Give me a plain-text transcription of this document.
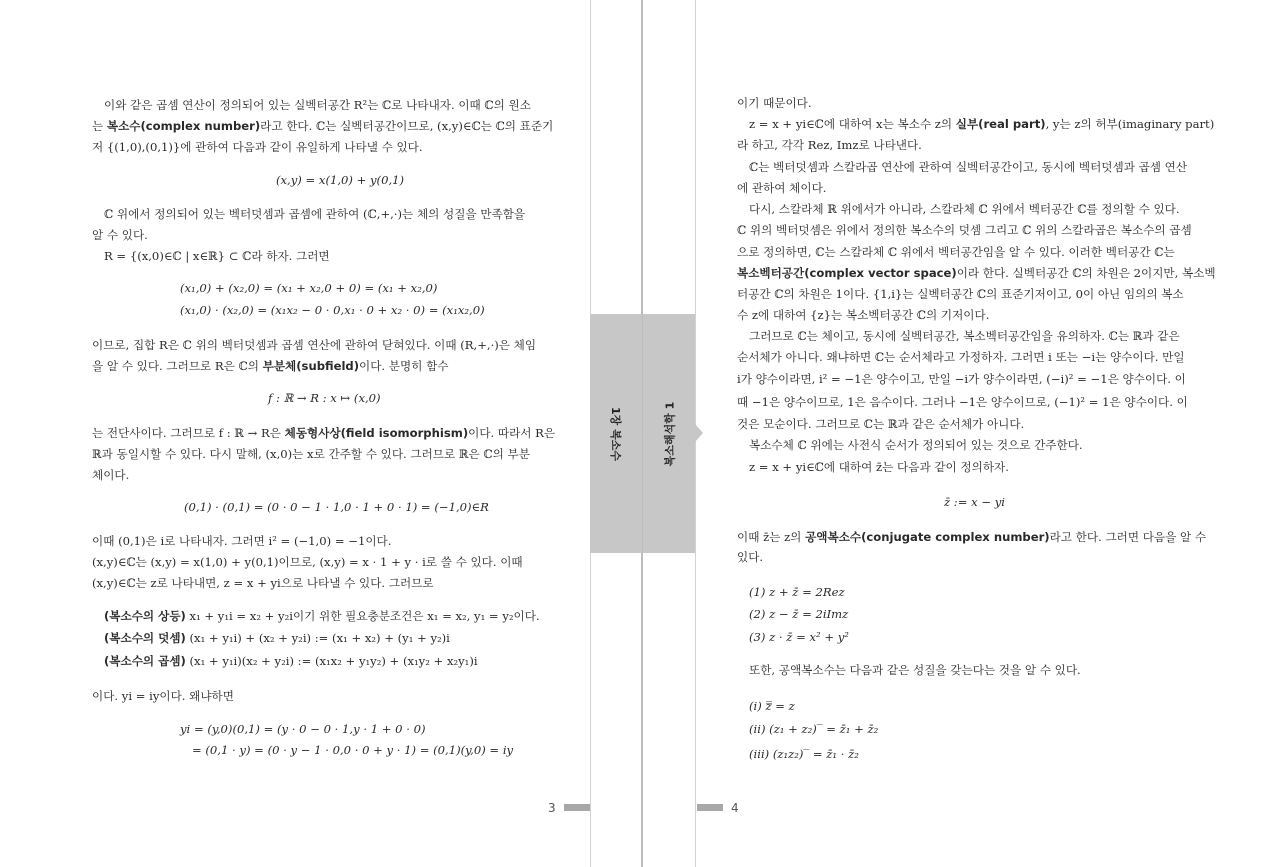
1장 복소수	복소해석학 1
3	4
이와 같은 곱셈 연산이 정의되어 있는 실벡터공간 R²는 ℂ로 나타내자. 이때 ℂ의 원소
는 복소수(complex number)라고 한다. ℂ는 실벡터공간이므로, (x,y)∈ℂ는 ℂ의 표준기
저 {(1,0),(0,1)}에 관하여 다음과 같이 유일하게 나타낼 수 있다.
(x,y) = x(1,0) + y(0,1)
ℂ 위에서 정의되어 있는 벡터덧셈과 곱셈에 관하여 (ℂ,+,·)는 체의 성질을 만족함을
알 수 있다.
R = {(x,0)∈ℂ | x∈ℝ} ⊂ ℂ라 하자. 그러면
(x₁,0) + (x₂,0) = (x₁ + x₂,0 + 0) = (x₁ + x₂,0)
(x₁,0) · (x₂,0) = (x₁x₂ − 0 · 0,x₁ · 0 + x₂ · 0) = (x₁x₂,0)
이므로, 집합 R은 ℂ 위의 벡터덧셈과 곱셈 연산에 관하여 닫혀있다. 이때 (R,+,·)은 체임
을 알 수 있다. 그러므로 R은 ℂ의 부분체(subfield)이다. 분명히 함수
f : ℝ → R : x ↦ (x,0)
는 전단사이다. 그러므로 f : ℝ → R은 체동형사상(field isomorphism)이다. 따라서 R은
ℝ과 동일시할 수 있다. 다시 말해, (x,0)는 x로 간주할 수 있다. 그러므로 ℝ은 ℂ의 부분
체이다.
(0,1) · (0,1) = (0 · 0 − 1 · 1,0 · 1 + 0 · 1) = (−1,0)∈R
이때 (0,1)은 i로 나타내자. 그러면 i² = (−1,0) = −1이다.
(x,y)∈ℂ는 (x,y) = x(1,0) + y(0,1)이므로, (x,y) = x · 1 + y · i로 쓸 수 있다. 이때
(x,y)∈ℂ는 z로 나타내면, z = x + yi으로 나타낼 수 있다. 그러므로
(복소수의 상등) x₁ + y₁i = x₂ + y₂i이기 위한 필요충분조건은 x₁ = x₂, y₁ = y₂이다.
(복소수의 덧셈) (x₁ + y₁i) + (x₂ + y₂i) := (x₁ + x₂) + (y₁ + y₂)i
(복소수의 곱셈) (x₁ + y₁i)(x₂ + y₂i) := (x₁x₂ + y₁y₂) + (x₁y₂ + x₂y₁)i
이다. yi = iy이다. 왜냐하면
yi = (y,0)(0,1) = (y · 0 − 0 · 1,y · 1 + 0 · 0)
= (0,1 · y) = (0 · y − 1 · 0,0 · 0 + y · 1) = (0,1)(y,0) = iy
이기 때문이다.
z = x + yi∈ℂ에 대하여 x는 복소수 z의 실부(real part), y는 z의 허부(imaginary part)
라 하고, 각각 Rez, Imz로 나타낸다.
ℂ는 벡터덧셈과 스칼라곱 연산에 관하여 실벡터공간이고, 동시에 벡터덧셈과 곱셈 연산
에 관하여 체이다.
다시, 스칼라체 ℝ 위에서가 아니라, 스칼라체 ℂ 위에서 벡터공간 ℂ를 정의할 수 있다.
ℂ 위의 벡터덧셈은 위에서 정의한 복소수의 덧셈 그리고 ℂ 위의 스칼라곱은 복소수의 곱셈
으로 정의하면, ℂ는 스칼라체 ℂ 위에서 벡터공간임을 알 수 있다. 이러한 벡터공간 ℂ는
복소벡터공간(complex vector space)이라 한다. 실벡터공간 ℂ의 차원은 2이지만, 복소벡
터공간 ℂ의 차원은 1이다. {1,i}는 실벡터공간 ℂ의 표준기저이고, 0이 아닌 임의의 복소
수 z에 대하여 {z}는 복소벡터공간 ℂ의 기저이다.
그러므로 ℂ는 체이고, 동시에 실벡터공간, 복소벡터공간임을 유의하자. ℂ는 ℝ과 같은
순서체가 아니다. 왜냐하면 ℂ는 순서체라고 가정하자. 그러면 i 또는 −i는 양수이다. 만일
i가 양수이라면, i² = −1은 양수이고, 만일 −i가 양수이라면, (−i)² = −1은 양수이다. 이
때 −1은 양수이므로, 1은 음수이다. 그러나 −1은 양수이므로, (−1)² = 1은 양수이다. 이
것은 모순이다. 그러므로 ℂ는 ℝ과 같은 순서체가 아니다.
복소수체 ℂ 위에는 사전식 순서가 정의되어 있는 것으로 간주한다.
z = x + yi∈ℂ에 대하여 z̄는 다음과 같이 정의하자.
z̄ := x − yi
이때 z̄는 z의 공액복소수(conjugate complex number)라고 한다. 그러면 다음을 알 수
있다.
(1) z + z̄ = 2Rez
(2) z − z̄ = 2iImz
(3) z · z̄ = x² + y²
또한, 공액복소수는 다음과 같은 성질을 갖는다는 것을 알 수 있다.
(i) z̿ = z
(ii) (z₁ + z₂)‾ = z̄₁ + z̄₂
(iii) (z₁z₂)‾ = z̄₁ · z̄₂
